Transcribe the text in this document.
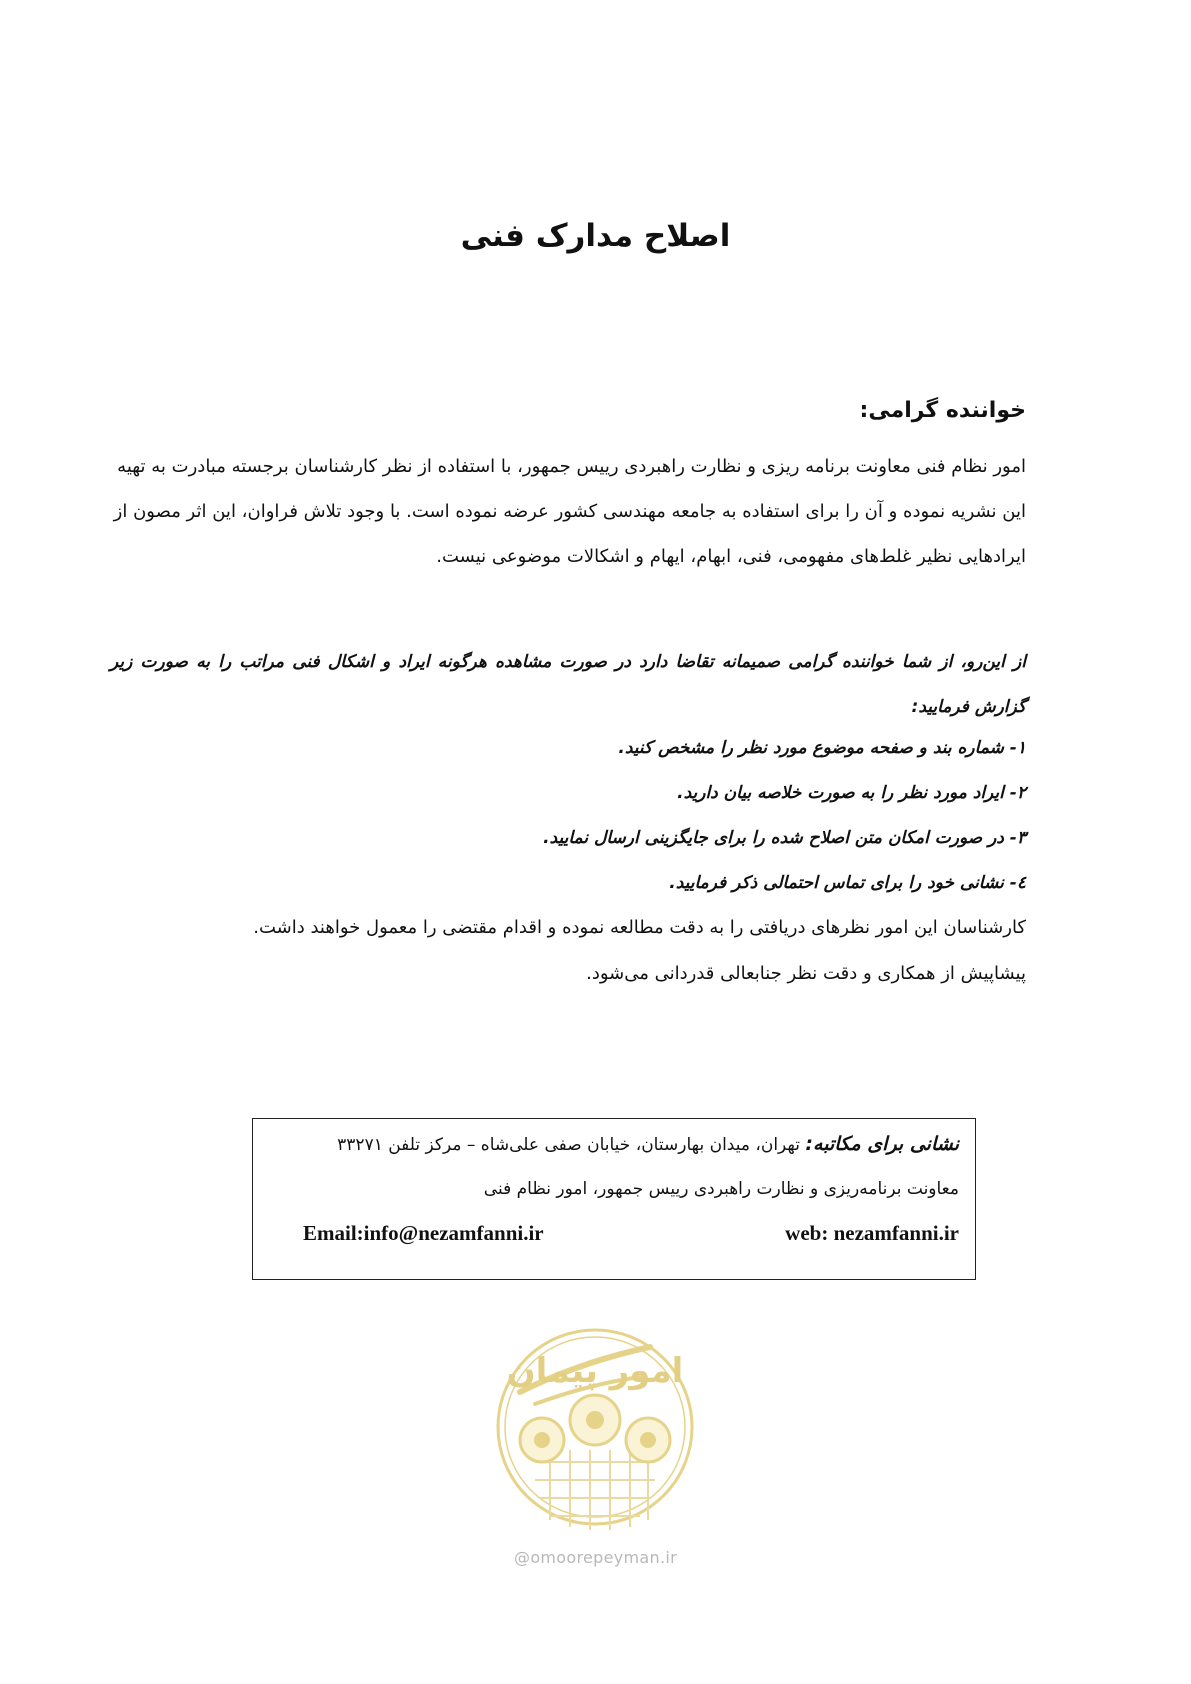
اصلاح مدارک فنی
خواننده گرامی:
امور نظام فنی معاونت برنامه ریزی و نظارت راهبردی رییس جمهور، با استفاده از نظر کارشناسان برجسته مبادرت به تهیه
این نشریه نموده و آن را برای استفاده به جامعه مهندسی کشور عرضه نموده است. با وجود تلاش فراوان، این اثر مصون از
ایرادهایی نظیر غلط‌های مفهومی، فنی، ابهام، ایهام و اشکالات موضوعی نیست.
از این‌رو، از شما خواننده گرامی صمیمانه تقاضا دارد در صورت مشاهده هرگونه ایراد و اشکال فنی مراتب را به صورت زیر گزارش فرمایید:
۱- شماره بند و صفحه موضوع مورد نظر را مشخص کنید.
۲- ایراد مورد نظر را به صورت خلاصه بیان دارید.
۳- در صورت امکان متن اصلاح شده را برای جایگزینی ارسال نمایید.
٤- نشانی خود را برای تماس احتمالی ذکر فرمایید.
کارشناسان این امور نظرهای دریافتی را به دقت مطالعه نموده و اقدام مقتضی را معمول خواهند داشت.
پیشاپیش از همکاری و دقت نظر جنابعالی قدردانی می‌شود.
نشانی برای مکاتبه: تهران، میدان بهارستان، خیابان صفی علی‌شاه – مرکز تلفن ۳۳۲۷۱
معاونت برنامه‌ریزی و نظارت راهبردی رییس جمهور، امور نظام فنی
web: nezamfanni.ir
Email:info@nezamfanni.ir
امور پیمان
@omoorepeyman.ir
